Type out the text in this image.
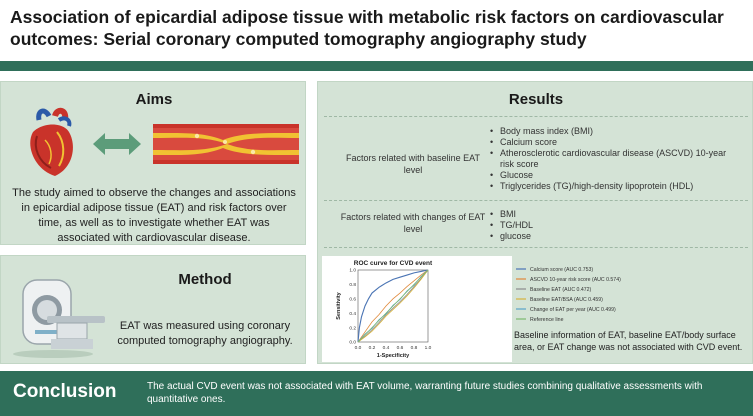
Association of epicardial adipose tissue with metabolic risk factors on cardiovascular outcomes: Serial coronary computed tomography angiography study
Aims
The study aimed to observe the changes and associations in epicardial adipose tissue (EAT) and risk factors over time, as well as to investigate whether EAT was associated with cardiovascular disease.
Method
EAT was measured using coronary computed tomography angiography.
Results
Factors related with baseline EAT level
• Body mass index (BMI)
• Calcium score
• Atherosclerotic cardiovascular disease (ASCVD) 10-year risk score
• Glucose
• Triglycerides (TG)/high-density lipoprotein (HDL)
Factors related with changes of EAT level
• BMI
• TG/HDL
• glucose
ROC curve for CVD event
0.0 0.2 0.4 0.6 0.8 1.0
0.0
0.2
0.4
0.6
0.8
1.0
1-Specificity
Sensitivity
Calcium score (AUC 0.753)
ASCVD 10-year risk score (AUC 0.574)
Baseline EAT (AUC 0.472)
Baseline EAT/BSA (AUC 0.459)
Change of EAT per year (AUC 0.499)
Reference line
Baseline information of EAT, baseline EAT/body surface area, or EAT change was not associated with CVD event.
Conclusion	The actual CVD event was not associated with EAT volume, warranting future studies combining qualitative assessments with quantitative ones.
